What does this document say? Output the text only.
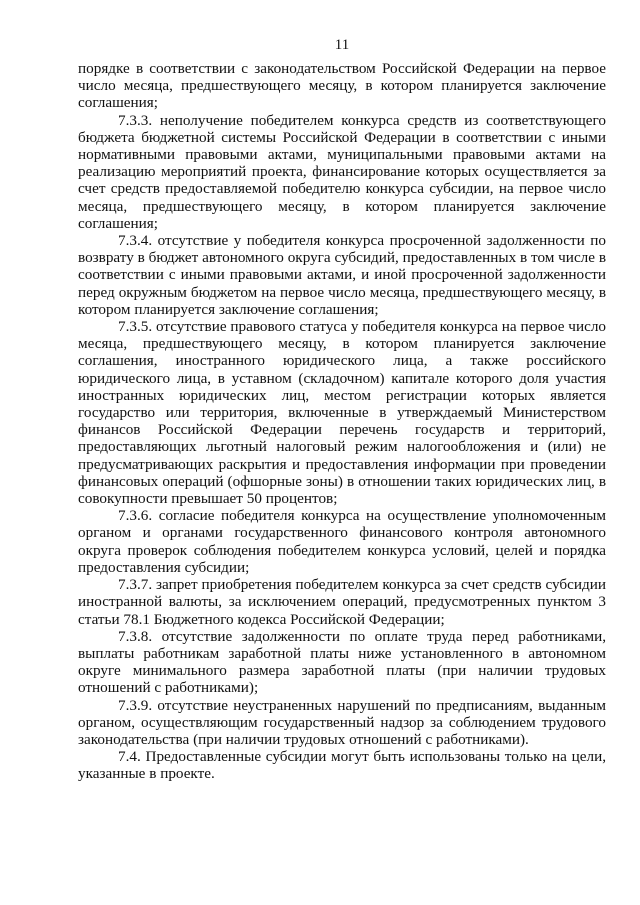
11

порядке в соответствии с законодательством Российской Федерации на первое число месяца, предшествующего месяцу, в котором планируется заключение соглашения;

7.3.3. неполучение победителем конкурса средств из соответствующего бюджета бюджетной системы Российской Федерации в соответствии с иными нормативными правовыми актами, муниципальными правовыми актами на реализацию мероприятий проекта, финансирование которых осуществляется за счет средств предоставляемой победителю конкурса субсидии, на первое число месяца, предшествующего месяцу, в котором планируется заключение соглашения;

7.3.4. отсутствие у победителя конкурса просроченной задолженности по возврату в бюджет автономного округа субсидий, предоставленных в том числе в соответствии с иными правовыми актами, и иной просроченной задолженности перед окружным бюджетом на первое число месяца, предшествующего месяцу, в котором планируется заключение соглашения;

7.3.5. отсутствие правового статуса у победителя конкурса на первое число месяца, предшествующего месяцу, в котором планируется заключение соглашения, иностранного юридического лица, а также российского юридического лица, в уставном (складочном) капитале которого доля участия иностранных юридических лиц, местом регистрации которых является государство или территория, включенные в утверждаемый Министерством финансов Российской Федерации перечень государств и территорий, предоставляющих льготный налоговый режим налогообложения и (или) не предусматривающих раскрытия и предоставления информации при проведении финансовых операций (офшорные зоны) в отношении таких юридических лиц, в совокупности превышает 50 процентов;

7.3.6. согласие победителя конкурса на осуществление уполномоченным органом и органами государственного финансового контроля автономного округа проверок соблюдения победителем конкурса условий, целей и порядка предоставления субсидии;

7.3.7. запрет приобретения победителем конкурса за счет средств субсидии иностранной валюты, за исключением операций, предусмотренных пунктом 3 статьи 78.1 Бюджетного кодекса Российской Федерации;

7.3.8. отсутствие задолженности по оплате труда перед работниками, выплаты работникам заработной платы ниже установленного в автономном округе минимального размера заработной платы (при наличии трудовых отношений с работниками);

7.3.9. отсутствие неустраненных нарушений по предписаниям, выданным органом, осуществляющим государственный надзор за соблюдением трудового законодательства (при наличии трудовых отношений с работниками).

7.4. Предоставленные субсидии могут быть использованы только на цели, указанные в проекте.
